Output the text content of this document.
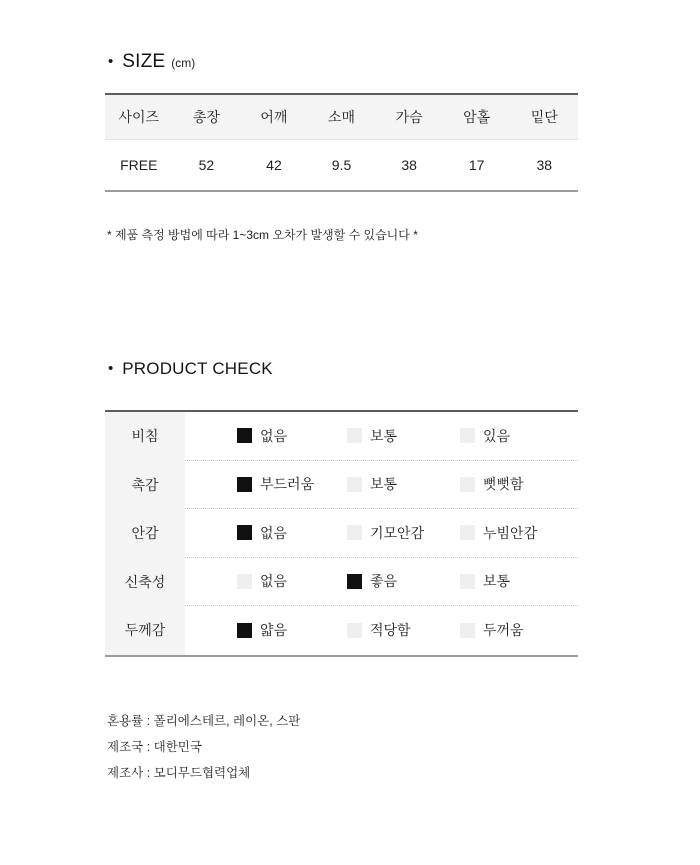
• SIZE (cm)
사이즈	총장	어깨	소매	가슴	암홀	밑단
FREE	52	42	9.5	38	17	38
* 제품 측정 방법에 따라 1~3cm 오차가 발생할 수 있습니다 *
• PRODUCT CHECK
비침	없음	보통	있음
촉감	부드러움	보통	뻣뻣함
안감	없음	기모안감	누빔안감
신축성	없음	좋음	보통
두께감	얇음	적당함	두꺼움
혼용률 : 폴리에스테르, 레이온, 스판
제조국 : 대한민국
제조사 : 모디무드협력업체
